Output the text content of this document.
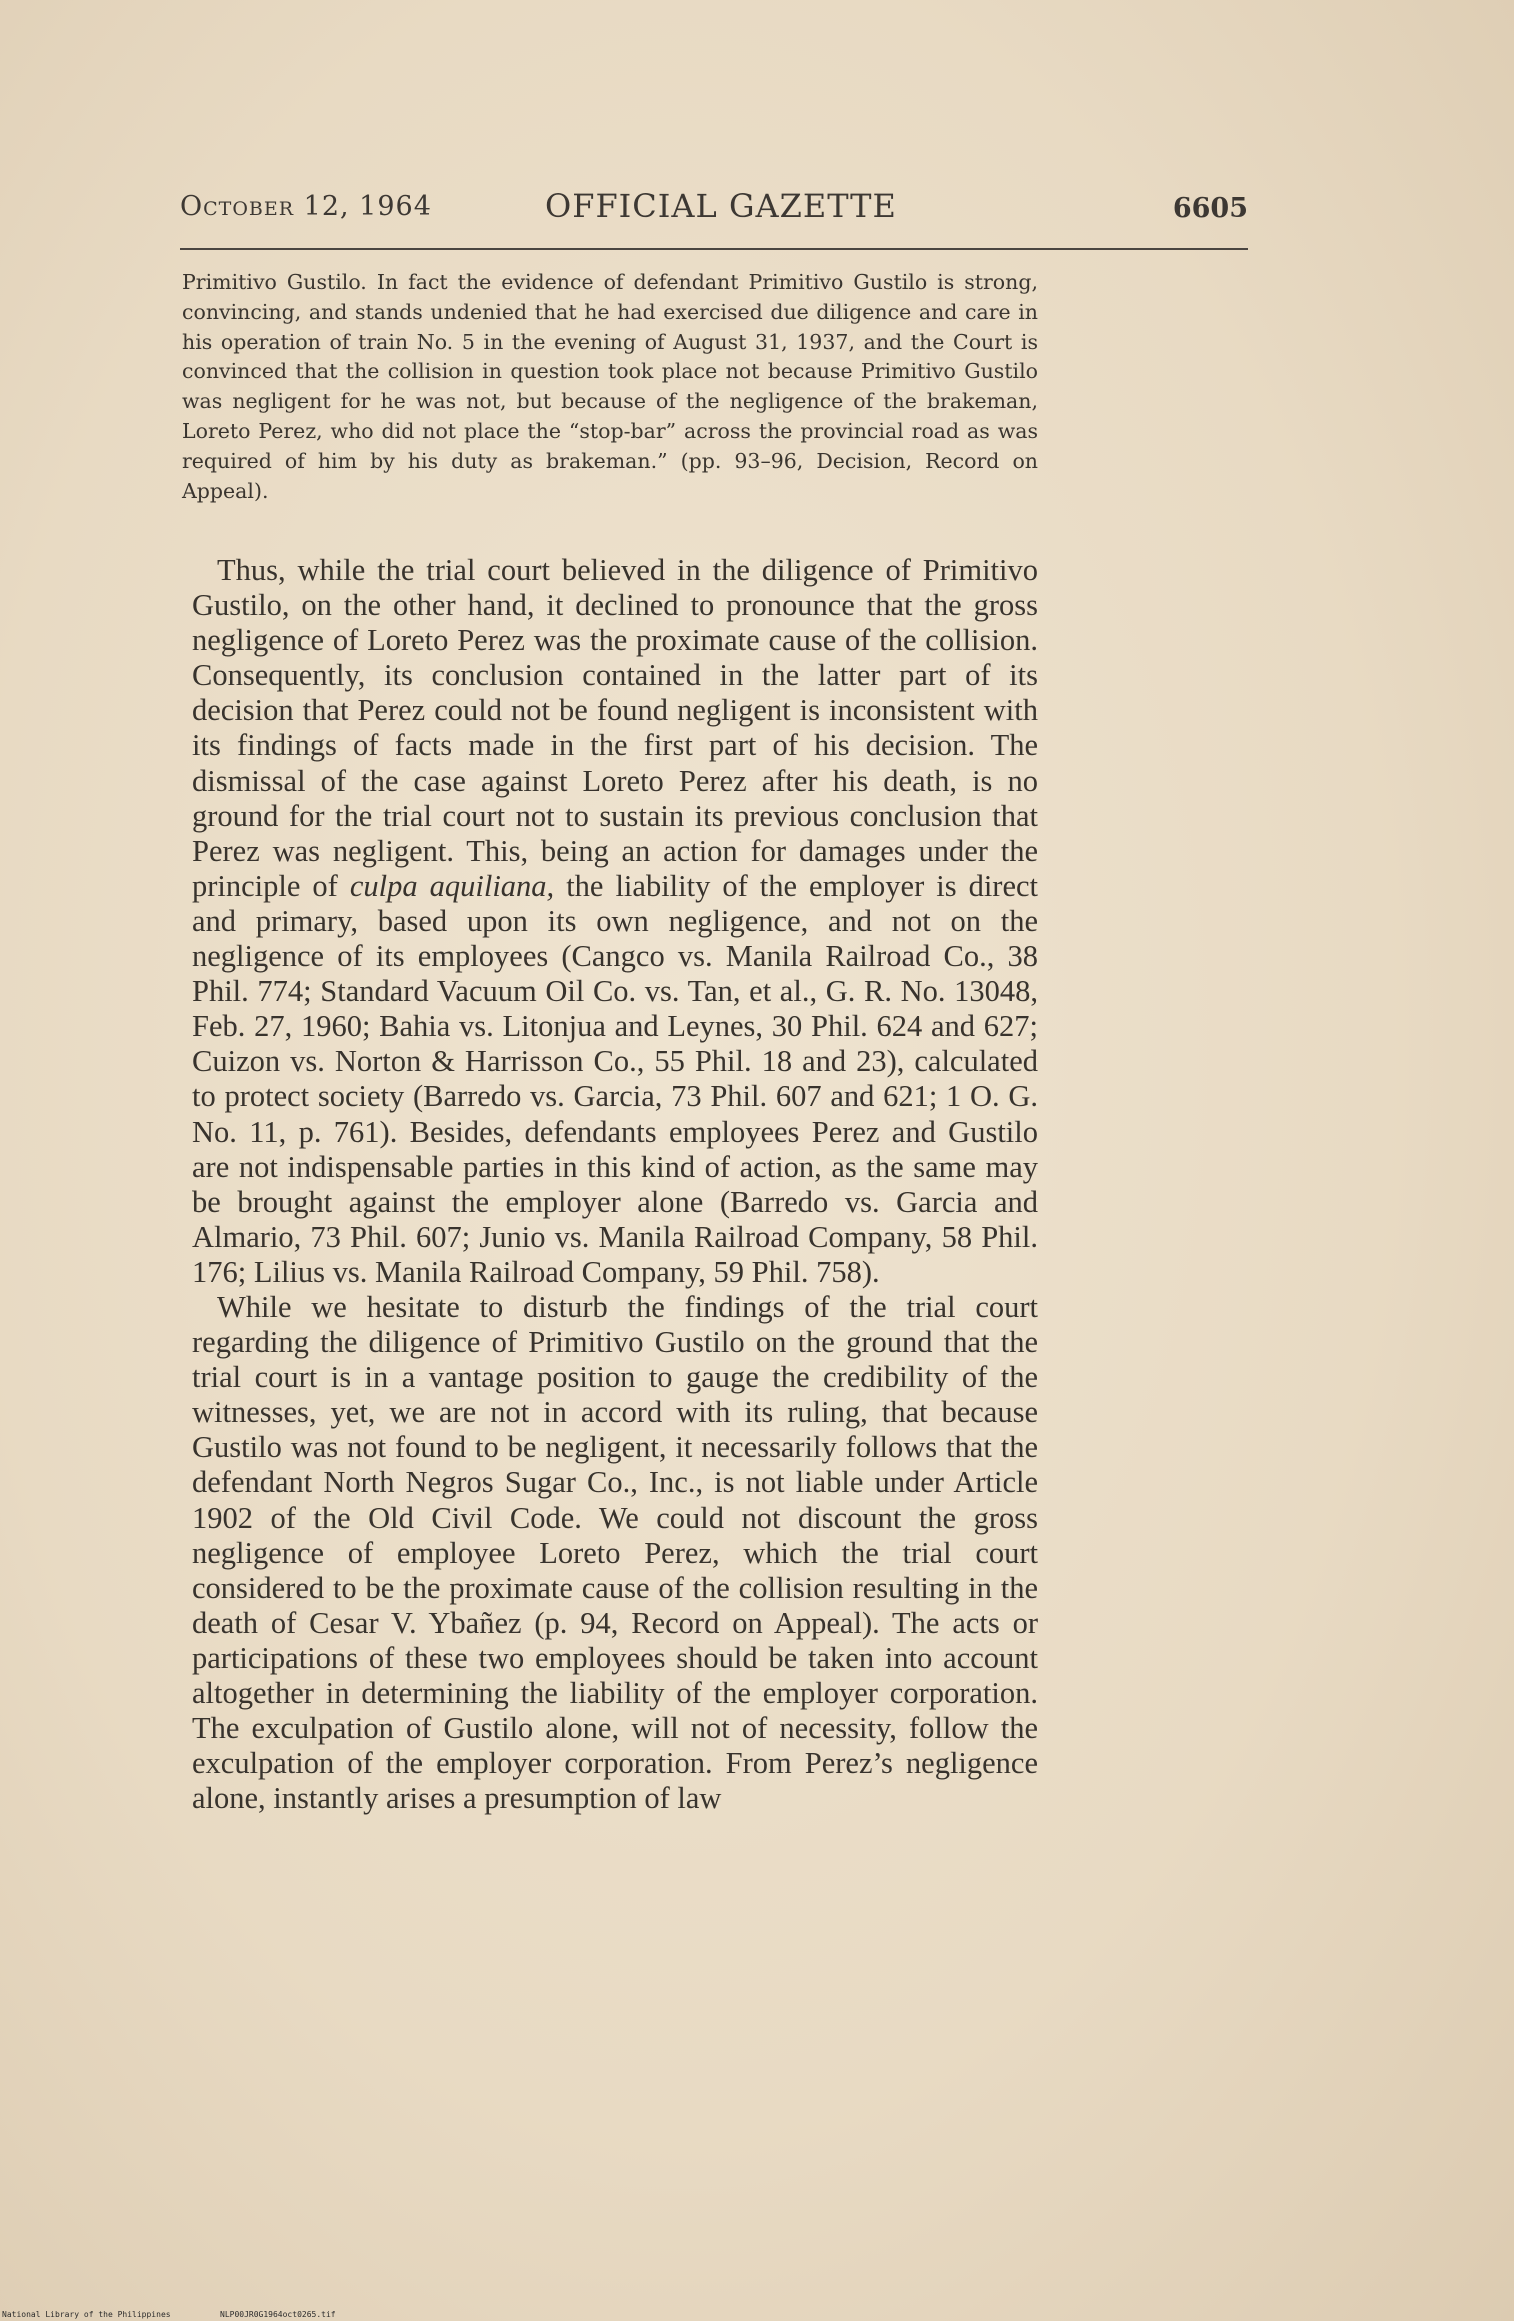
October 12, 1964	OFFICIAL GAZETTE	6605
Primitivo Gustilo. In fact the evidence of defendant Primitivo Gustilo is strong, convincing, and stands undenied that he had exercised due diligence and care in his operation of train No. 5 in the evening of August 31, 1937, and the Court is convinced that the collision in question took place not because Primitivo Gustilo was negligent for he was not, but because of the negligence of the brakeman, Loreto Perez, who did not place the “stop-bar” across the provincial road as was required of him by his duty as brakeman.” (pp. 93–96, Decision, Record on Appeal).

Thus, while the trial court believed in the diligence of Primitivo Gustilo, on the other hand, it declined to pronounce that the gross negligence of Loreto Perez was the proximate cause of the collision. Consequently, its conclusion contained in the latter part of its decision that Perez could not be found negligent is inconsistent with its findings of facts made in the first part of his decision. The dismissal of the case against Loreto Perez after his death, is no ground for the trial court not to sustain its previous conclusion that Perez was negligent. This, being an action for damages under the principle of culpa aquiliana, the liability of the employer is direct and primary, based upon its own negligence, and not on the negligence of its employees (Cangco vs. Manila Railroad Co., 38 Phil. 774; Standard Vacuum Oil Co. vs. Tan, et al., G. R. No. 13048, Feb. 27, 1960; Bahia vs. Litonjua and Leynes, 30 Phil. 624 and 627; Cuizon vs. Norton & Harrisson Co., 55 Phil. 18 and 23), calculated to protect society (Barredo vs. Garcia, 73 Phil. 607 and 621; 1 O. G. No. 11, p. 761). Besides, defendants employees Perez and Gustilo are not indispensable parties in this kind of action, as the same may be brought against the employer alone (Barredo vs. Garcia and Almario, 73 Phil. 607; Junio vs. Manila Railroad Company, 58 Phil. 176; Lilius vs. Manila Railroad Company, 59 Phil. 758).

While we hesitate to disturb the findings of the trial court regarding the diligence of Primitivo Gustilo on the ground that the trial court is in a vantage position to gauge the credibility of the witnesses, yet, we are not in accord with its ruling, that because Gustilo was not found to be negligent, it necessarily follows that the defendant North Negros Sugar Co., Inc., is not liable under Article 1902 of the Old Civil Code. We could not discount the gross negligence of employee Loreto Perez, which the trial court considered to be the proximate cause of the collision resulting in the death of Cesar V. Ybañez (p. 94, Record on Appeal). The acts or participations of these two employees should be taken into account altogether in determining the liability of the employer corporation. The exculpation of Gustilo alone, will not of necessity, follow the exculpation of the employer corporation. From Perez’s negligence alone, instantly arises a presumption of law

National Library of the Philippines	NLP00JR0G1964oct0265.tif
